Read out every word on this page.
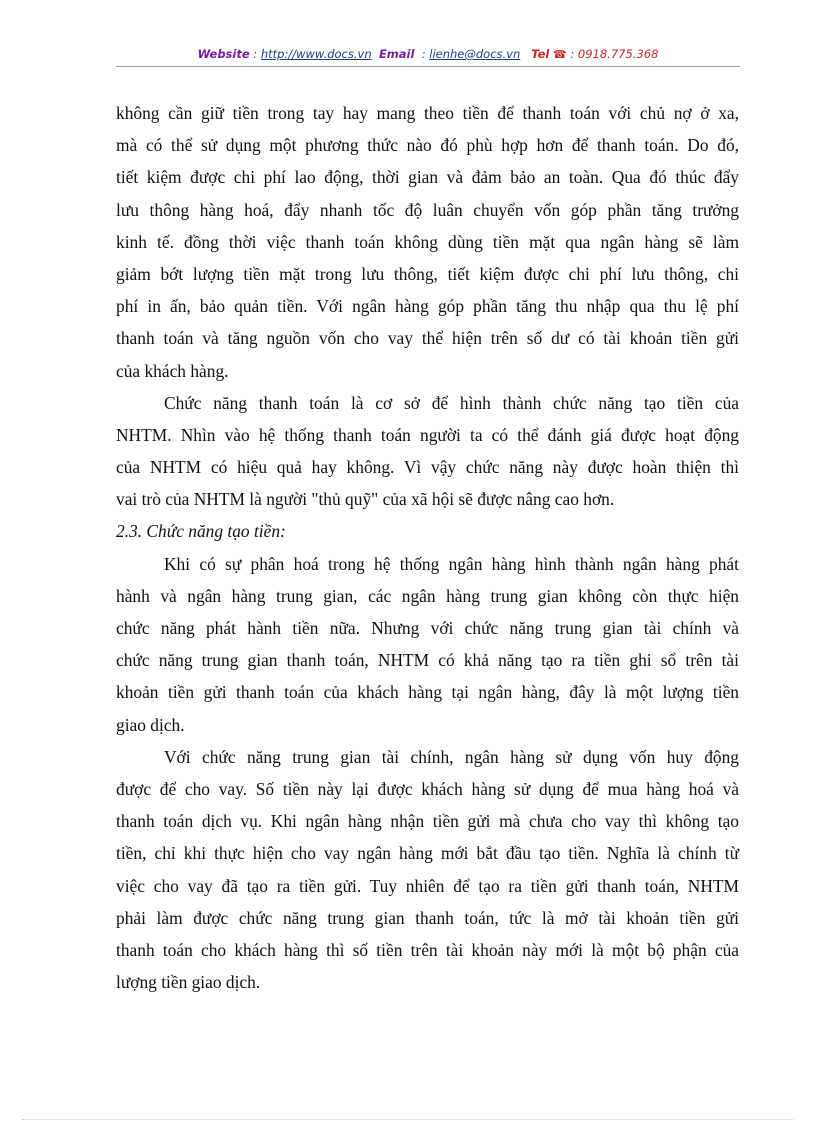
Website : http://www.docs.vn Email  : lienhe@docs.vn Tel ☎ : 0918.775.368
không cần giữ tiền trong tay hay mang theo tiền để thanh toán với chủ nợ ở xa,
mà có thể sử dụng một phương thức nào đó phù hợp hơn để thanh toán. Do đó,
tiết kiệm được chi phí lao động, thời gian và đảm bảo an toàn. Qua đó thúc đẩy
lưu thông hàng hoá, đẩy nhanh tốc độ luân chuyển vốn góp phần tăng trưởng
kinh tế. đồng thời việc thanh toán không dùng tiền mặt qua ngân hàng sẽ làm
giảm bớt lượng tiền mặt trong lưu thông, tiết kiệm được chi phí lưu thông, chi
phí in ấn, bảo quản tiền. Với ngân hàng góp phần tăng thu nhập qua thu lệ phí
thanh toán và tăng nguồn vốn cho vay thể hiện trên số dư có tài khoản tiền gửi
của khách hàng.
Chức năng thanh toán là cơ sở để hình thành chức năng tạo tiền của
NHTM. Nhìn vào hệ thống thanh toán người ta có thể đánh giá được hoạt động
của NHTM có hiệu quả hay không. Vì vậy chức năng này được hoàn thiện thì
vai trò của NHTM là người "thủ quỹ" của xã hội sẽ được nâng cao hơn.
2.3. Chức năng tạo tiền:
Khi có sự phân hoá trong hệ thống ngân hàng hình thành ngân hàng phát
hành và ngân hàng trung gian, các ngân hàng trung gian không còn thực hiện
chức năng phát hành tiền nữa. Nhưng với chức năng trung gian tài chính và
chức năng trung gian thanh toán, NHTM có khả năng tạo ra tiền ghi sổ trên tài
khoản tiền gửi thanh toán của khách hàng tại ngân hàng, đây là một lượng tiền
giao dịch.
Với chức năng trung gian tài chính, ngân hàng sử dụng vốn huy động
được để cho vay. Số tiền này lại được khách hàng sử dụng để mua hàng hoá và
thanh toán dịch vụ. Khi ngân hàng nhận tiền gửi mà chưa cho vay thì không tạo
tiền, chỉ khi thực hiện cho vay ngân hàng mới bắt đầu tạo tiền. Nghĩa là chính từ
việc cho vay đã tạo ra tiền gửi. Tuy nhiên để tạo ra tiền gửi thanh toán, NHTM
phải làm được chức năng trung gian thanh toán, tức là mở tài khoản tiền gửi
thanh toán cho khách hàng thì số tiền trên tài khoản này mới là một bộ phận của
lượng tiền giao dịch.
